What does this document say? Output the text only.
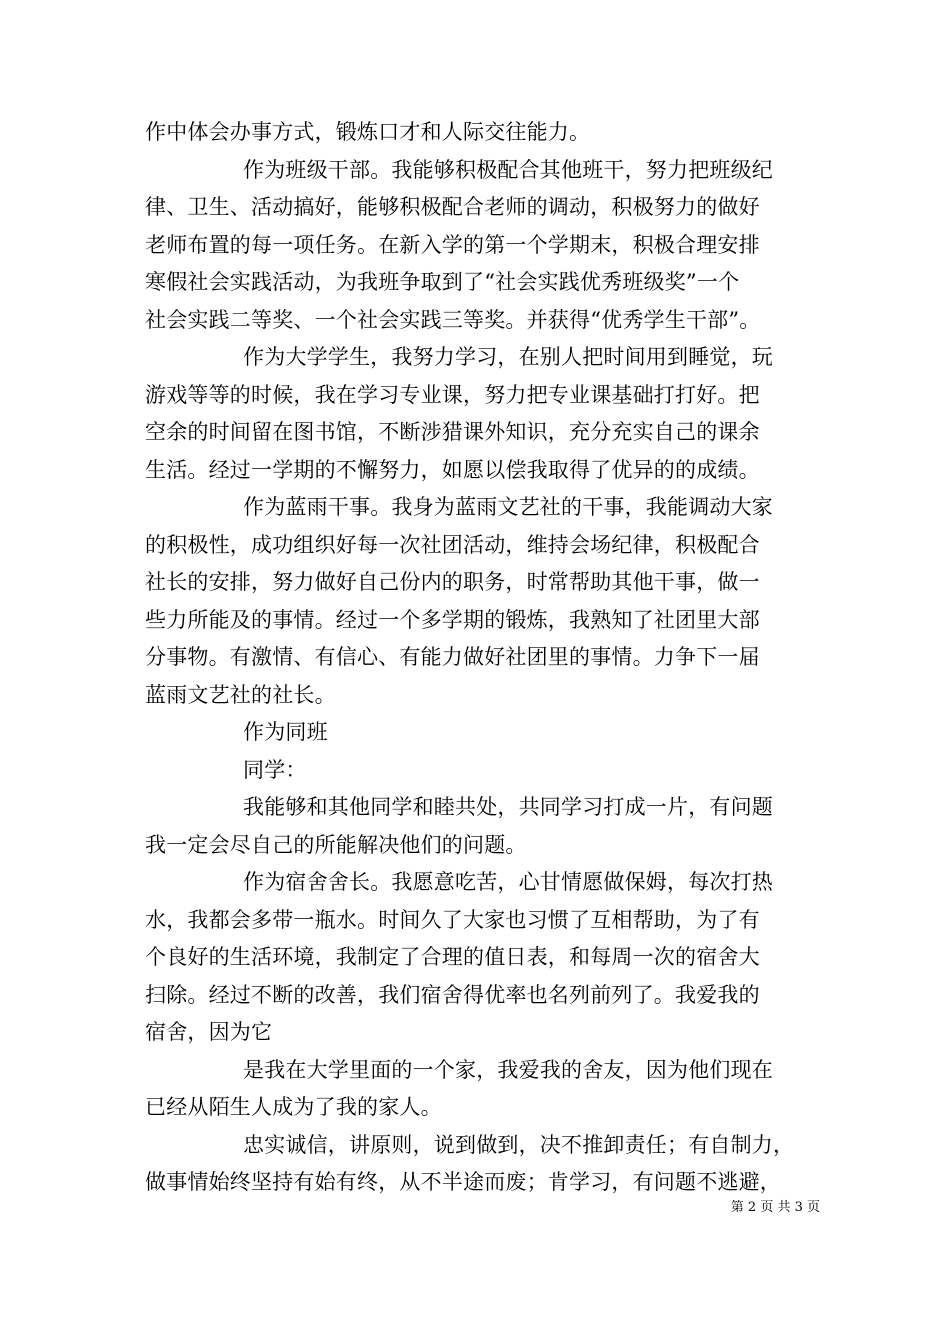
作中体会办事方式，锻炼口才和人际交往能力。
作为班级干部。我能够积极配合其他班干，努力把班级纪
律、卫生、活动搞好，能够积极配合老师的调动，积极努力的做好
老师布置的每一项任务。在新入学的第一个学期末，积极合理安排
寒假社会实践活动，为我班争取到了“社会实践优秀班级奖”一个
社会实践二等奖、一个社会实践三等奖。并获得“优秀学生干部”。
作为大学学生，我努力学习，在别人把时间用到睡觉，玩
游戏等等的时候，我在学习专业课，努力把专业课基础打打好。把
空余的时间留在图书馆，不断涉猎课外知识，充分充实自己的课余
生活。经过一学期的不懈努力，如愿以偿我取得了优异的的成绩。
作为蓝雨干事。我身为蓝雨文艺社的干事，我能调动大家
的积极性，成功组织好每一次社团活动，维持会场纪律，积极配合
社长的安排，努力做好自己份内的职务，时常帮助其他干事，做一
些力所能及的事情。经过一个多学期的锻炼，我熟知了社团里大部
分事物。有激情、有信心、有能力做好社团里的事情。力争下一届
蓝雨文艺社的社长。
作为同班
同学：
我能够和其他同学和睦共处，共同学习打成一片，有问题
我一定会尽自己的所能解决他们的问题。
作为宿舍舍长。我愿意吃苦，心甘情愿做保姆，每次打热
水，我都会多带一瓶水。时间久了大家也习惯了互相帮助，为了有
个良好的生活环境，我制定了合理的值日表，和每周一次的宿舍大
扫除。经过不断的改善，我们宿舍得优率也名列前列了。我爱我的
宿舍，因为它
是我在大学里面的一个家，我爱我的舍友，因为他们现在
已经从陌生人成为了我的家人。
忠实诚信，讲原则，说到做到，决不推卸责任；有自制力，
做事情始终坚持有始有终，从不半途而废；肯学习，有问题不逃避，
第 2 页 共 3 页
